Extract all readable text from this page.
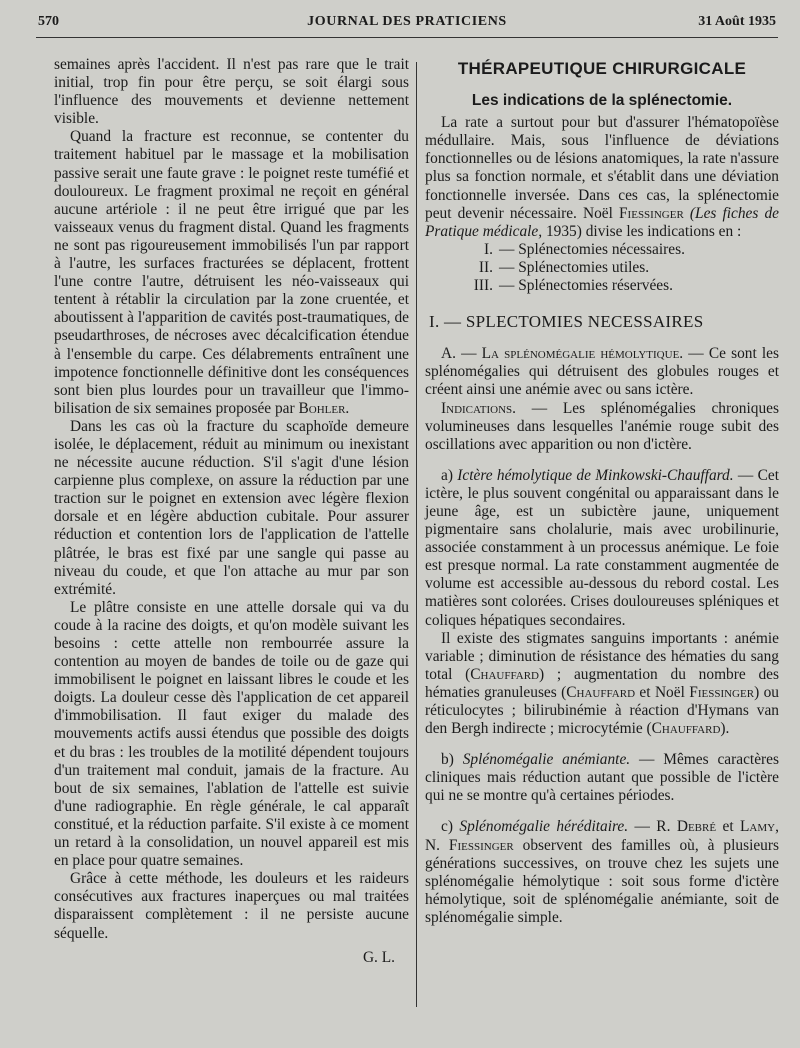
570	JOURNAL DES PRATICIENS	31 Août 1935

semaines après l'accident. Il n'est pas rare que le trait initial, trop fin pour être perçu, se soit élargi sous l'influence des mouvements et devienne nettement visible.

Quand la fracture est reconnue, se contenter du traitement habituel par le massage et la mobilisation passive serait une faute grave : le poignet reste tuméfié et douloureux. Le fragment proximal ne reçoit en général aucune artériole : il ne peut être irrigué que par les vaisseaux venus du fragment distal. Quand les fragments ne sont pas rigoureusement immobilisés l'un par rapport à l'autre, les surfaces fracturées se déplacent, frottent l'une contre l'autre, détruisent les néo-vaisseaux qui tentent à rétablir la circulation par la zone cruentée, et aboutissent à l'apparition de cavités post-traumatiques, de pseudarthroses, de nécroses avec décalcification étendue à l'ensemble du carpe. Ces délabrements entraînent une impotence fonctionnelle définitive dont les conséquences sont bien plus lourdes pour un travailleur que l'immobilisation de six semaines proposée par Bohler.

Dans les cas où la fracture du scaphoïde demeure isolée, le déplacement, réduit au minimum ou inexistant ne nécessite aucune réduction. S'il s'agit d'une lésion carpienne plus complexe, on assure la réduction par une traction sur le poignet en extension avec légère flexion dorsale et en légère abduction cubitale. Pour assurer réduction et contention lors de l'application de l'attelle plâtrée, le bras est fixé par une sangle qui passe au niveau du coude, et que l'on attache au mur par son extrémité.

Le plâtre consiste en une attelle dorsale qui va du coude à la racine des doigts, et qu'on modèle suivant les besoins : cette attelle non rembourrée assure la contention au moyen de bandes de toile ou de gaze qui immobilisent le poignet en laissant libres le coude et les doigts. La douleur cesse dès l'application de cet appareil d'immobilisation. Il faut exiger du malade des mouvements actifs aussi étendus que possible des doigts et du bras : les troubles de la motilité dépendent toujours d'un traitement mal conduit, jamais de la fracture. Au bout de six semaines, l'ablation de l'attelle est suivie d'une radiographie. En règle générale, le cal apparaît constitué, et la réduction parfaite. S'il existe à ce moment un retard à la consolidation, un nouvel appareil est mis en place pour quatre semaines.

Grâce à cette méthode, les douleurs et les raideurs consécutives aux fractures inaperçues ou mal traitées disparaissent complètement : il ne persiste aucune séquelle.

G. L.

THÉRAPEUTIQUE CHIRURGICALE

Les indications de la splénectomie.

La rate a surtout pour but d'assurer l'hématopoïèse médullaire. Mais, sous l'influence de déviations fonctionnelles ou de lésions anatomiques, la rate n'assure plus sa fonction normale, et s'établit dans une déviation fonctionnelle inversée. Dans ces cas, la splénectomie peut devenir nécessaire. Noël Fiessinger (Les fiches de Pratique médicale, 1935) divise les indications en :

I. — Splénectomies nécessaires.
II. — Splénectomies utiles.
III. — Splénectomies réservées.

I. — SPLECTOMIES NECESSAIRES

A. — La splénomégalie hémolytique. — Ce sont les splénomégalies qui détruisent des globules rouges et créent ainsi une anémie avec ou sans ictère.

Indications. — Les splénomégalies chroniques volumineuses dans lesquelles l'anémie rouge subit des oscillations avec apparition ou non d'ictère.

a) Ictère hémolytique de Minkowski-Chauffard. — Cet ictère, le plus souvent congénital ou apparaissant dans le jeune âge, est un subictère jaune, uniquement pigmentaire sans cholalurie, mais avec urobilinurie, associée constamment à un processus anémique. Le foie est presque normal. La rate constamment augmentée de volume est accessible au-dessous du rebord costal. Les matières sont colorées. Crises douloureuses spléniques et coliques hépatiques secondaires.

Il existe des stigmates sanguins importants : anémie variable ; diminution de résistance des hématies du sang total (Chauffard) ; augmentation du nombre des hématies granuleuses (Chauffard et Noël Fiessinger) ou réticulocytes ; bilirubinémie à réaction d'Hymans van den Bergh indirecte ; microcytémie (Chauffard).

b) Splénomégalie anémiante. — Mêmes caractères cliniques mais réduction autant que possible de l'ictère qui ne se montre qu'à certaines périodes.

c) Splénomégalie héréditaire. — R. Debré et Lamy, N. Fiessinger observent des familles où, à plusieurs générations successives, on trouve chez les sujets une splénomégalie hémolytique : soit sous forme d'ictère hémolytique, soit de splénomégalie anémiante, soit de splénomégalie simple.
